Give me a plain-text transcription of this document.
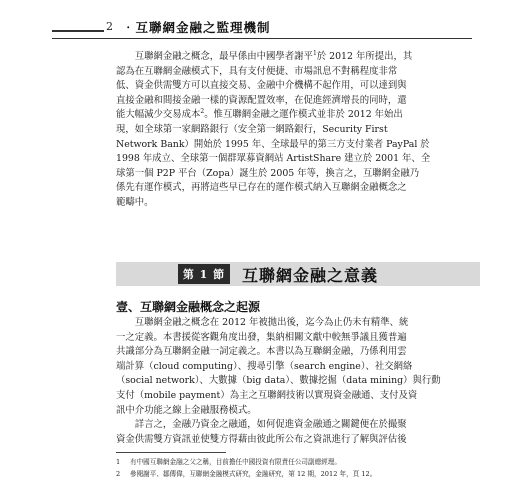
2 ‧互聯網金融之監理機制
互聯網金融之概念，最早係由中國學者謝平$^1$於 2012 年所提出，其
認為在互聯網金融模式下，具有支付便捷、市場訊息不對稱程度非常
低、資金供需雙方可以直接交易、金融中介機構不起作用，可以達到與
直接金融和間接金融一樣的資源配置效率，在促進經濟增長的同時，還
能大幅減少交易成本$^2$。惟互聯網金融之運作模式並非於 2012 年始出
現，如全球第一家網路銀行（安全第一網路銀行，Security First
Network Bank）開始於 1995 年、全球最早的第三方支付業者 PayPal 於
1998 年成立、全球第一個群眾募資網站 ArtistShare 建立於 2001 年、全
球第一個 P2P 平台（Zopa）誕生於 2005 年等，換言之，互聯網金融乃
係先有運作模式，再將這些早已存在的運作模式納入互聯網金融概念之
範疇中。
第 1 節	互聯網金融之意義
壹、互聯網金融概念之起源
互聯網金融之概念在 2012 年被拋出後，迄今為止仍未有精準、統
一之定義。本書援從客觀角度出發，集納相關文獻中較無爭議且獲普遍
共識部分為互聯網金融一詞定義之。本書以為互聯網金融，乃係利用雲
端計算（cloud computing）、搜尋引擎（search engine）、社交網絡
（social network）、大數據（big data）、數據挖掘（data mining）與行動
支付（mobile payment）為主之互聯網技術以實現資金融通、支付及資
訊中介功能之線上金融服務模式。
詳言之，金融乃資金之融通，如何促進資金融通之關鍵便在於撮聚
資金供需雙方資訊並使雙方得藉由彼此所公布之資訊進行了解與評估後
1 有中國互聯網金融之父之稱，目前擔任中國投資有限責任公司副總經理。
2 參閱謝平、鄒傳偉，互聯網金融模式研究，金融研究，第 12 期，2012 年，頁 12。
